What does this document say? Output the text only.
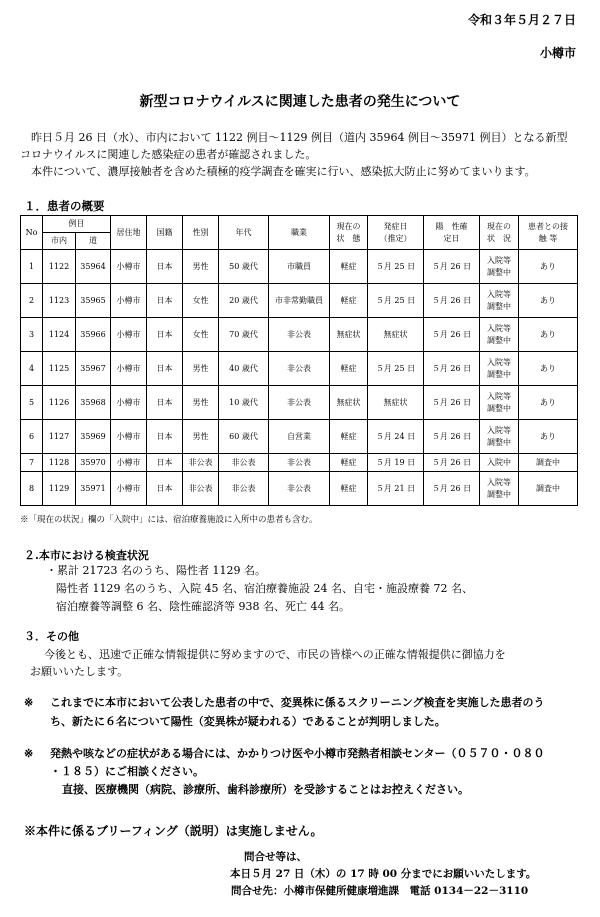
令和３年５月２７日
小樽市
新型コロナウイルスに関連した患者の発生について

昨日５月 26 日（水）、市内において 1122 例目～1129 例目（道内 35964 例目～35971 例目）となる新型

コロナウイルスに関連した感染症の患者が確認されました。

本件について、濃厚接触者を含めた積極的疫学調査を確実に行い、感染拡大防止に努めてまいります。

１．患者の概要
No	例目		居住地	国籍	性別	年代	職業	現在の状　態	発症日（推定）	陽　性確定日	現在の状　況	患者との接 触 等
	市内	道										
1	1122	35964	小樽市	日本	男性	50 歳代	市職員	軽症	５月 25 日	５月 26 日	入院等調整中	あり
2	1123	35965	小樽市	日本	女性	20 歳代	市非常勤職員	軽症	５月 25 日	５月 26 日	入院等調整中	あり
3	1124	35966	小樽市	日本	女性	70 歳代	非公表	無症状	無症状	５月 26 日	入院等調整中	あり
4	1125	35967	小樽市	日本	男性	40 歳代	非公表	軽症	５月 25 日	５月 26 日	入院等調整中	あり
5	1126	35968	小樽市	日本	男性	10 歳代	非公表	無症状	無症状	５月 26 日	入院等調整中	あり
6	1127	35969	小樽市	日本	男性	60 歳代	自営業	軽症	５月 24 日	５月 26 日	入院等調整中	あり
7	1128	35970	小樽市	日本	非公表	非公表	非公表	軽症	５月 19 日	５月 26 日	入院中	調査中
8	1129	35971	小樽市	日本	非公表	非公表	非公表	軽症	５月 21 日	５月 26 日	入院等調整中	調査中
※「現在の状況」欄の「入院中」には、宿泊療養施設に入所中の患者も含む。
２.本市における検査状況
・累計 21723 名のうち、陽性者 1129 名。
陽性者 1129 名のうち、入院 45 名、宿泊療養施設 24 名、自宅・施設療養 72 名、
宿泊療養等調整 6 名、陰性確認済等 938 名、死亡 44 名。
３．その他
今後とも、迅速で正確な情報提供に努めますので、市民の皆様への正確な情報提供に御協力を
お願いいたします。
※ これまでに本市において公表した患者の中で、変異株に係るスクリーニング検査を実施した患者のう
ち、新たに６名について陽性（変異株が疑われる）であることが判明しました。
※ 発熱や咳などの症状がある場合には、かかりつけ医や小樽市発熱者相談センター（０５７０・０８０
・１８５）にご相談ください。
直接、医療機関（病院、診療所、歯科診療所）を受診することはお控えください。
※本件に係るブリーフィング（説明）は実施しません。
問合せ等は、
本日５月 27 日（木）の 17 時 00 分までにお願いいたします。
問合せ先：小樽市保健所健康増進課　電話 0134－22－3110
